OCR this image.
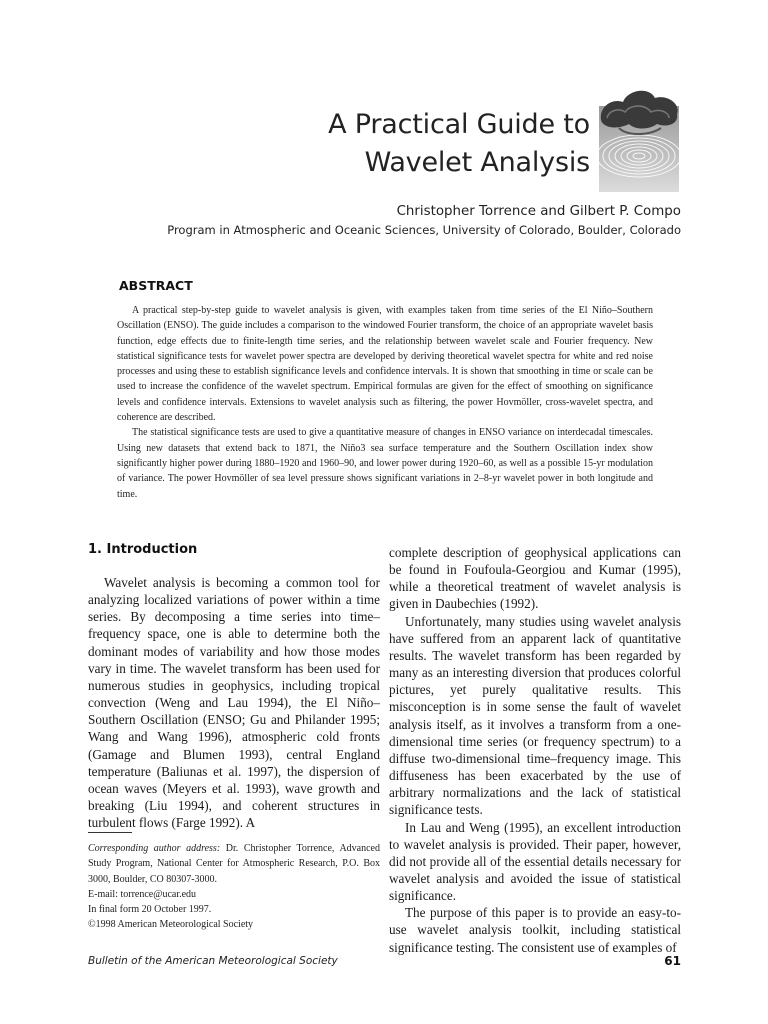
A Practical Guide to
Wavelet Analysis
Christopher Torrence and Gilbert P. Compo
Program in Atmospheric and Oceanic Sciences, University of Colorado, Boulder, Colorado
ABSTRACT

A practical step-by-step guide to wavelet analysis is given, with examples taken from time series of the El Niño–Southern Oscillation (ENSO). The guide includes a comparison to the windowed Fourier transform, the choice of an appropriate wavelet basis function, edge effects due to finite-length time series, and the relationship between wavelet scale and Fourier frequency. New statistical significance tests for wavelet power spectra are developed by deriving theoretical wavelet spectra for white and red noise processes and using these to establish significance levels and confidence intervals. It is shown that smoothing in time or scale can be used to increase the confidence of the wavelet spectrum. Empirical formulas are given for the effect of smoothing on significance levels and confidence intervals. Extensions to wavelet analysis such as filtering, the power Hovmöller, cross-wavelet spectra, and coherence are described.

The statistical significance tests are used to give a quantitative measure of changes in ENSO variance on interdecadal timescales. Using new datasets that extend back to 1871, the Niño3 sea surface temperature and the Southern Oscillation index show significantly higher power during 1880–1920 and 1960–90, and lower power during 1920–60, as well as a possible 15-yr modulation of variance. The power Hovmöller of sea level pressure shows significant variations in 2–8-yr wavelet power in both longitude and time.

1. Introduction

Wavelet analysis is becoming a common tool for analyzing localized variations of power within a time series. By decomposing a time series into time–frequency space, one is able to determine both the dominant modes of variability and how those modes vary in time. The wavelet transform has been used for numerous studies in geophysics, including tropical convection (Weng and Lau 1994), the El Niño–Southern Oscillation (ENSO; Gu and Philander 1995; Wang and Wang 1996), atmospheric cold fronts (Gamage and Blumen 1993), central England temperature (Baliunas et al. 1997), the dispersion of ocean waves (Meyers et al. 1993), wave growth and breaking (Liu 1994), and coherent structures in turbulent flows (Farge 1992). A

complete description of geophysical applications can be found in Foufoula-Georgiou and Kumar (1995), while a theoretical treatment of wavelet analysis is given in Daubechies (1992).

Unfortunately, many studies using wavelet analysis have suffered from an apparent lack of quantitative results. The wavelet transform has been regarded by many as an interesting diversion that produces colorful pictures, yet purely qualitative results. This misconception is in some sense the fault of wavelet analysis itself, as it involves a transform from a one-dimensional time series (or frequency spectrum) to a diffuse two-dimensional time–frequency image. This diffuseness has been exacerbated by the use of arbitrary normalizations and the lack of statistical significance tests.

In Lau and Weng (1995), an excellent introduction to wavelet analysis is provided. Their paper, however, did not provide all of the essential details necessary for wavelet analysis and avoided the issue of statistical significance.

The purpose of this paper is to provide an easy-to-use wavelet analysis toolkit, including statistical significance testing. The consistent use of examples of

Corresponding author address: Dr. Christopher Torrence, Advanced Study Program, National Center for Atmospheric Research, P.O. Box 3000, Boulder, CO 80307-3000.

E-mail: torrence@ucar.edu

In final form 20 October 1997.

©1998 American Meteorological Society

Bulletin of the American Meteorological Society	61
